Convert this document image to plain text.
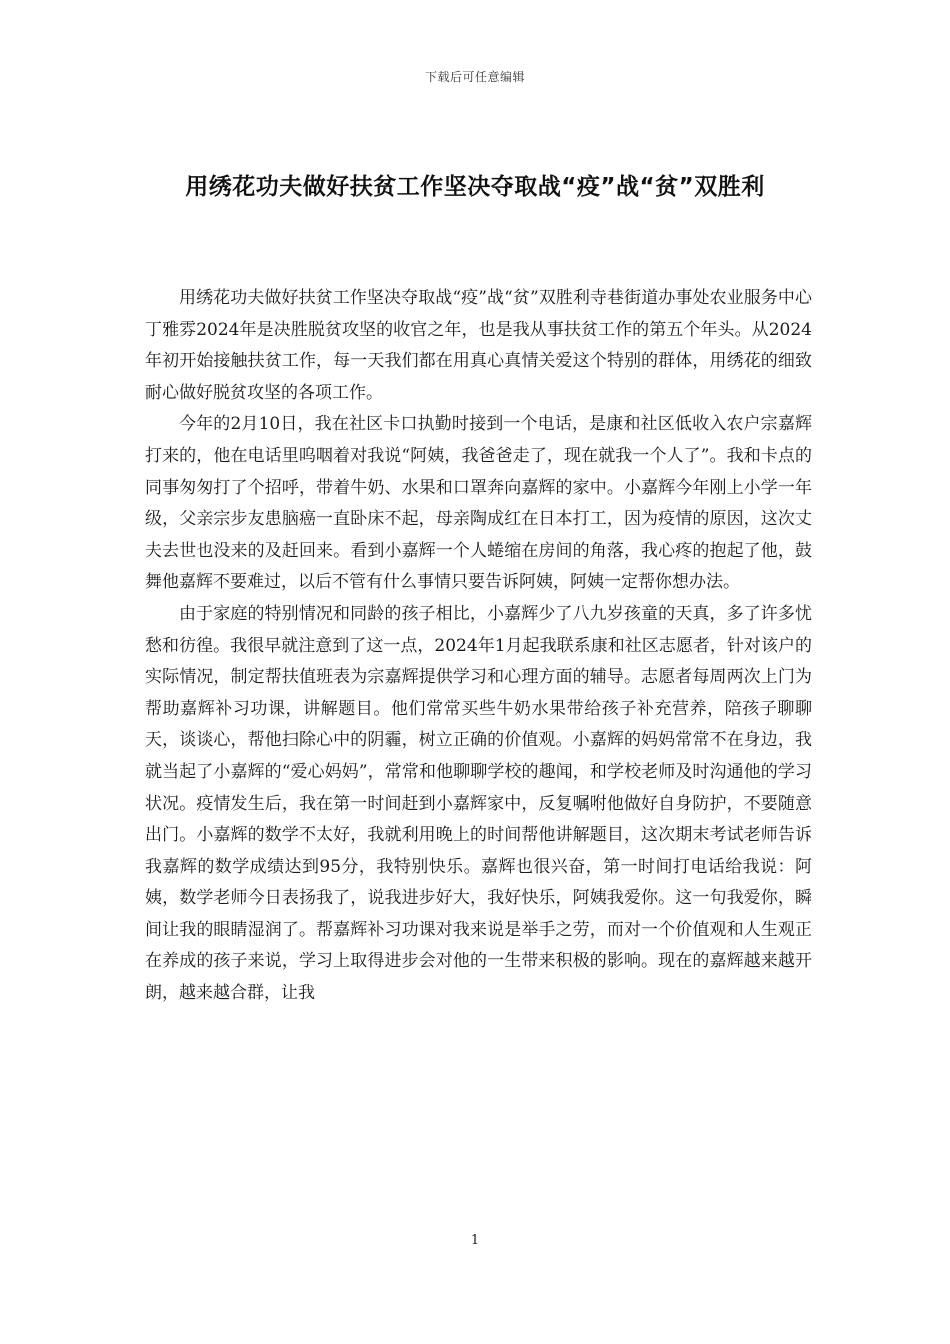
下载后可任意编辑
用绣花功夫做好扶贫工作坚决夺取战“疫”战“贫”双胜利

用绣花功夫做好扶贫工作坚决夺取战“疫”战“贫”双胜利寺巷街道办事处农业服务中心丁雅雰2024年是决胜脱贫攻坚的收官之年，也是我从事扶贫工作的第五个年头。从2024年初开始接触扶贫工作，每一天我们都在用真心真情关爱这个特别的群体，用绣花的细致耐心做好脱贫攻坚的各项工作。

今年的2月10日，我在社区卡口执勤时接到一个电话，是康和社区低收入农户宗嘉辉打来的，他在电话里呜咽着对我说“阿姨，我爸爸走了，现在就我一个人了”。我和卡点的同事匆匆打了个招呼，带着牛奶、水果和口罩奔向嘉辉的家中。小嘉辉今年刚上小学一年级，父亲宗步友患脑癌一直卧床不起，母亲陶成红在日本打工，因为疫情的原因，这次丈夫去世也没来的及赶回来。看到小嘉辉一个人蜷缩在房间的角落，我心疼的抱起了他，鼓舞他嘉辉不要难过，以后不管有什么事情只要告诉阿姨，阿姨一定帮你想办法。

由于家庭的特别情况和同龄的孩子相比，小嘉辉少了八九岁孩童的天真，多了许多忧愁和彷徨。我很早就注意到了这一点，2024年1月起我联系康和社区志愿者，针对该户的实际情况，制定帮扶值班表为宗嘉辉提供学习和心理方面的辅导。志愿者每周两次上门为帮助嘉辉补习功课，讲解题目。他们常常买些牛奶水果带给孩子补充营养，陪孩子聊聊天，谈谈心，帮他扫除心中的阴霾，树立正确的价值观。小嘉辉的妈妈常常不在身边，我就当起了小嘉辉的“爱心妈妈”，常常和他聊聊学校的趣闻，和学校老师及时沟通他的学习状况。疫情发生后，我在第一时间赶到小嘉辉家中，反复嘱咐他做好自身防护，不要随意出门。小嘉辉的数学不太好，我就利用晚上的时间帮他讲解题目，这次期末考试老师告诉我嘉辉的数学成绩达到95分，我特别快乐。嘉辉也很兴奋，第一时间打电话给我说：阿姨，数学老师今日表扬我了，说我进步好大，我好快乐，阿姨我爱你。这一句我爱你，瞬间让我的眼睛湿润了。帮嘉辉补习功课对我来说是举手之劳，而对一个价值观和人生观正在养成的孩子来说，学习上取得进步会对他的一生带来积极的影响。现在的嘉辉越来越开朗，越来越合群，让我

1
